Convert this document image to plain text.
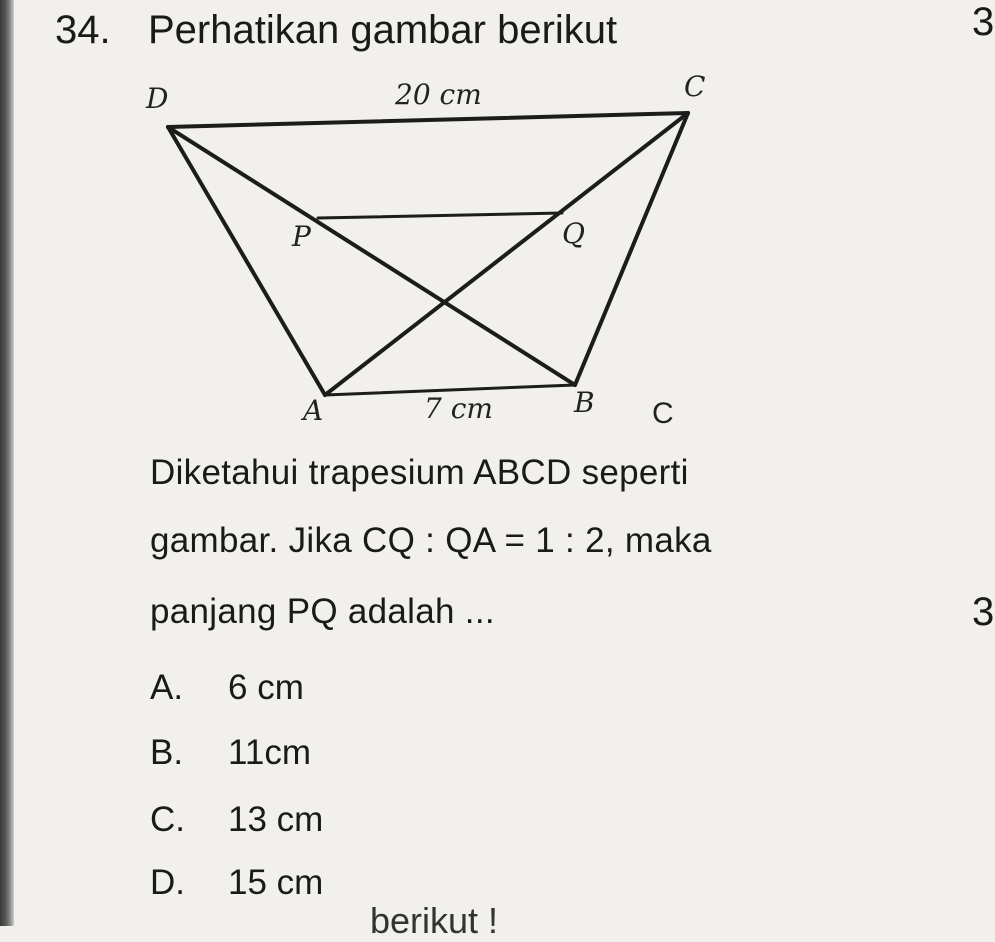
34. Perhatikan gambar berikut	3
3
D	C
P	Q
A	B
20 cm
7 cm	C
Diketahui trapesium ABCD seperti
gambar. Jika CQ : QA = 1 : 2, maka
panjang PQ adalah ...
A. 6 cm
B. 11cm
C. 13 cm
D. 15 cm
berikut !
